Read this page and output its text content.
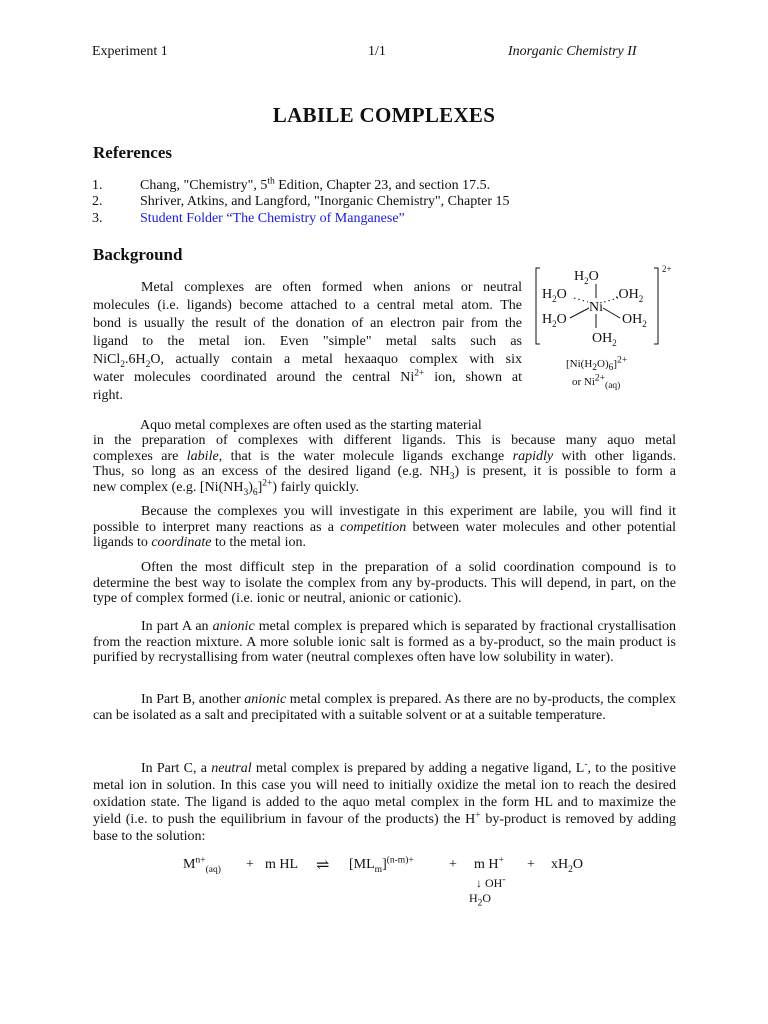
Experiment 1	1/1	Inorganic Chemistry II
LABILE COMPLEXES
References
1.	Chang, "Chemistry", 5th Edition, Chapter 23, and section 17.5.
2.	Shriver, Atkins, and Langford, "Inorganic Chemistry", Chapter 15
3.	Student Folder “The Chemistry of Manganese”
Background
Metal complexes are often formed when anions or neutral
molecules (i.e. ligands) become attached to a central metal atom. The
bond is usually the result of the donation of an electron pair from the
ligand to the metal ion. Even "simple" metal salts such as
$NiCl_2.6H_2O$, actually contain a metal hexaaquo complex with six
water molecules coordinated around the central $Ni^{2+}$ ion, shown at
right.
$H_2O$
$H_2O$	$.OH_2$
Ni
$H_2O$	$OH_2$
$OH_2$
2+
$[Ni(H_2O)_6]^{2+}$
or $Ni^{2+}_{(aq)}$
Aquo metal complexes are often used as the starting material
in the preparation of complexes with different ligands. This is because many aquo metal
complexes are labile, that is the water molecule ligands exchange rapidly with other ligands.
Thus, so long as an excess of the desired ligand (e.g. $NH_3$) is present, it is possible to form a
new complex (e.g. $[Ni(NH_3)_6]^{2+}$) fairly quickly.
Because the complexes you will investigate in this experiment are labile, you will find it possible to interpret many reactions as a competition between water molecules and other potential ligands to coordinate to the metal ion.
Often the most difficult step in the preparation of a solid coordination compound is to determine the best way to isolate the complex from any by-products. This will depend, in part, on the type of complex formed (i.e. ionic or neutral, anionic or cationic).
In part A an anionic metal complex is prepared which is separated by fractional crystallisation from the reaction mixture. A more soluble ionic salt is formed as a by-product, so the main product is purified by recrystallising from water (neutral complexes often have low solubility in water).
In Part B, another anionic metal complex is prepared. As there are no by-products, the complex can be isolated as a salt and precipitated with a suitable solvent or at a suitable temperature.
In Part C, a neutral metal complex is prepared by adding a negative ligand, L-, to the positive metal ion in solution. In this case you will need to initially oxidize the metal ion to reach the desired oxidation state. The ligand is added to the aquo metal complex in the form HL and to maximize the yield (i.e. to push the equilibrium in favour of the products) the H+ by-product is removed by adding base to the solution:
$M^{n+}_{(aq)} + m$ HL ⇌ $[ML_m]^{(n-m)+}$	+ m $H^+ + xH_2O$
↓ OH-
$H_2O$
